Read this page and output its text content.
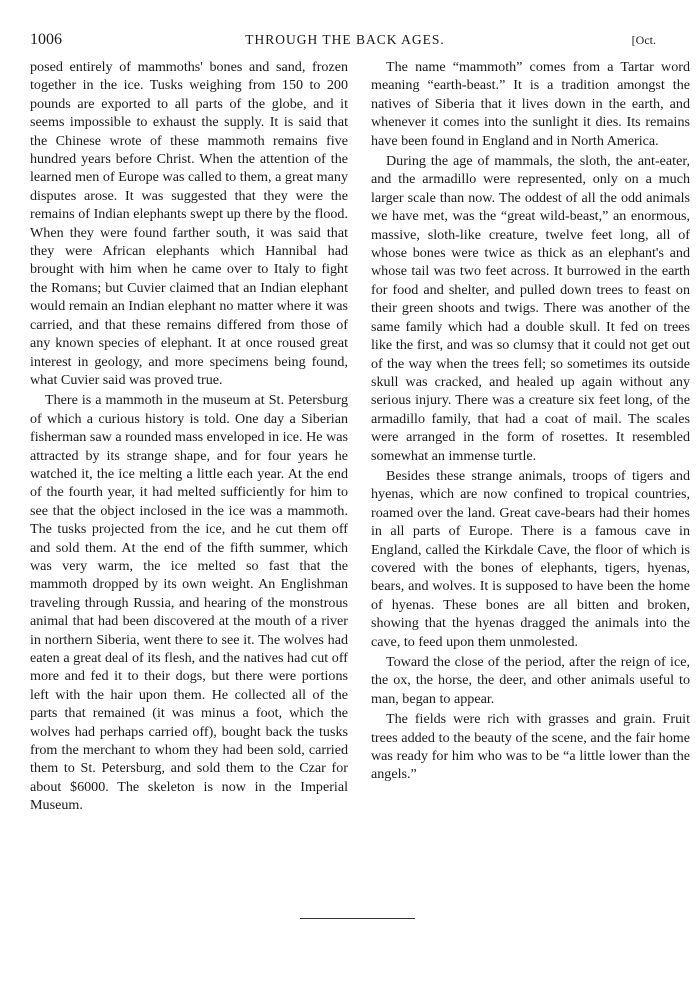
1006	THROUGH THE BACK AGES.	[Oct.

posed entirely of mammoths' bones and sand, frozen together in the ice. Tusks weighing from 150 to 200 pounds are exported to all parts of the globe, and it seems impossible to exhaust the supply. It is said that the Chinese wrote of these mammoth remains five hundred years before Christ. When the attention of the learned men of Europe was called to them, a great many disputes arose. It was suggested that they were the remains of Indian elephants swept up there by the flood. When they were found farther south, it was said that they were African elephants which Hannibal had brought with him when he came over to Italy to fight the Romans; but Cuvier claimed that an Indian elephant would remain an Indian elephant no matter where it was carried, and that these remains differed from those of any known species of elephant. It at once roused great interest in geology, and more specimens being found, what Cuvier said was proved true.

There is a mammoth in the museum at St. Petersburg of which a curious history is told. One day a Siberian fisherman saw a rounded mass enveloped in ice. He was attracted by its strange shape, and for four years he watched it, the ice melting a little each year. At the end of the fourth year, it had melted sufficiently for him to see that the object inclosed in the ice was a mammoth. The tusks projected from the ice, and he cut them off and sold them. At the end of the fifth summer, which was very warm, the ice melted so fast that the mammoth dropped by its own weight. An Englishman traveling through Russia, and hearing of the monstrous animal that had been discovered at the mouth of a river in northern Siberia, went there to see it. The wolves had eaten a great deal of its flesh, and the natives had cut off more and fed it to their dogs, but there were portions left with the hair upon them. He collected all of the parts that remained (it was minus a foot, which the wolves had perhaps carried off), bought back the tusks from the merchant to whom they had been sold, carried them to St. Petersburg, and sold them to the Czar for about $6000. The skeleton is now in the Imperial Museum.

The name “mammoth” comes from a Tartar word meaning “earth-beast.” It is a tradition amongst the natives of Siberia that it lives down in the earth, and whenever it comes into the sunlight it dies. Its remains have been found in England and in North America.

During the age of mammals, the sloth, the ant-eater, and the armadillo were represented, only on a much larger scale than now. The oddest of all the odd animals we have met, was the “great wild-beast,” an enormous, massive, sloth-like creature, twelve feet long, all of whose bones were twice as thick as an elephant's and whose tail was two feet across. It burrowed in the earth for food and shelter, and pulled down trees to feast on their green shoots and twigs. There was another of the same family which had a double skull. It fed on trees like the first, and was so clumsy that it could not get out of the way when the trees fell; so sometimes its outside skull was cracked, and healed up again without any serious injury. There was a creature six feet long, of the armadillo family, that had a coat of mail. The scales were arranged in the form of rosettes. It resembled somewhat an immense turtle.

Besides these strange animals, troops of tigers and hyenas, which are now confined to tropical countries, roamed over the land. Great cave-bears had their homes in all parts of Europe. There is a famous cave in England, called the Kirkdale Cave, the floor of which is covered with the bones of elephants, tigers, hyenas, bears, and wolves. It is supposed to have been the home of hyenas. These bones are all bitten and broken, showing that the hyenas dragged the animals into the cave, to feed upon them unmolested.

Toward the close of the period, after the reign of ice, the ox, the horse, the deer, and other animals useful to man, began to appear.

The fields were rich with grasses and grain. Fruit trees added to the beauty of the scene, and the fair home was ready for him who was to be “a little lower than the angels.”
